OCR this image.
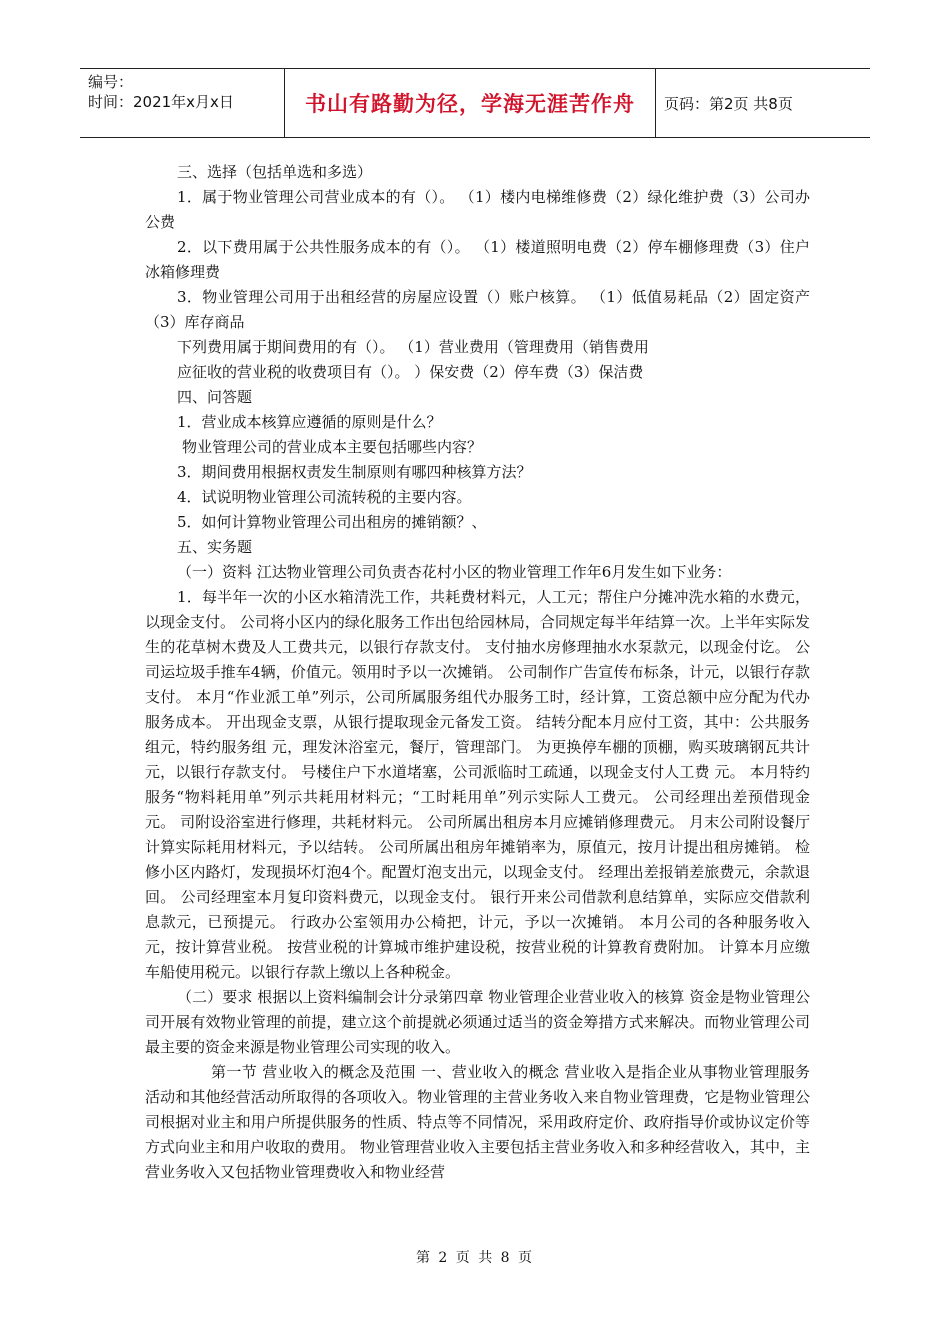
编号：
时间：2021年x月x日	书山有路勤为径，学海无涯苦作舟 页码：第2页 共8页

三、选择（包括单选和多选）

1．属于物业管理公司营业成本的有（）。 （1）楼内电梯维修费（2）绿化维护费（3）公司办公费

2．以下费用属于公共性服务成本的有（）。 （1）楼道照明电费（2）停车棚修理费（3）住户冰箱修理费

3．物业管理公司用于出租经营的房屋应设置（）账户核算。 （1）低值易耗品（2）固定资产（3）库存商品

下列费用属于期间费用的有（）。 （1）营业费用（管理费用（销售费用

应征收的营业税的收费项目有（）。 ）保安费（2）停车费（3）保洁费

四、问答题

1．营业成本核算应遵循的原则是什么？

物业管理公司的营业成本主要包括哪些内容？

3．期间费用根据权责发生制原则有哪四种核算方法？

4．试说明物业管理公司流转税的主要内容。

5．如何计算物业管理公司出租房的摊销额？、

五、实务题

（一）资料 江达物业管理公司负责杏花村小区的物业管理工作年6月发生如下业务：

1．每半年一次的小区水箱清洗工作，共耗费材料元，人工元；帮住户分摊冲洗水箱的水费元，以现金支付。 公司将小区内的绿化服务工作出包给园林局，合同规定每半年结算一次。上半年实际发生的花草树木费及人工费共元，以银行存款支付。 支付抽水房修理抽水水泵款元，以现金付讫。 公司运垃圾手推车4辆，价值元。领用时予以一次摊销。 公司制作广告宣传布标条，计元，以银行存款支付。 本月“作业派工单”列示，公司所属服务组代办服务工时，经计算，工资总额中应分配为代办服务成本。 开出现金支票，从银行提取现金元备发工资。 结转分配本月应付工资，其中：公共服务组元，特约服务组 元，理发沐浴室元，餐厅，管理部门。 为更换停车棚的顶棚，购买玻璃钢瓦共计元，以银行存款支付。 号楼住户下水道堵塞，公司派临时工疏通，以现金支付人工费 元。 本月特约服务“物料耗用单”列示共耗用材料元；“工时耗用单”列示实际人工费元。 公司经理出差预借现金元。 司附设浴室进行修理，共耗材料元。 公司所属出租房本月应摊销修理费元。 月末公司附设餐厅计算实际耗用材料元，予以结转。 公司所属出租房年摊销率为，原值元，按月计提出租房摊销。 检修小区内路灯，发现损坏灯泡4个。配置灯泡支出元，以现金支付。 经理出差报销差旅费元，余款退回。 公司经理室本月复印资料费元，以现金支付。 银行开来公司借款利息结算单，实际应交借款利息款元，已预提元。 行政办公室领用办公椅把，计元，予以一次摊销。 本月公司的各种服务收入元，按计算营业税。 按营业税的计算城市维护建设税，按营业税的计算教育费附加。 计算本月应缴车船使用税元。以银行存款上缴以上各种税金。

（二）要求 根据以上资料编制会计分录第四章 物业管理企业营业收入的核算 资金是物业管理公司开展有效物业管理的前提，建立这个前提就必须通过适当的资金筹措方式来解决。而物业管理公司最主要的资金来源是物业管理公司实现的收入。

第一节 营业收入的概念及范围 一、营业收入的概念 营业收入是指企业从事物业管理服务活动和其他经营活动所取得的各项收入。物业管理的主营业务收入来自物业管理费，它是物业管理公司根据对业主和用户所提供服务的性质、特点等不同情况，采用政府定价、政府指导价或协议定价等方式向业主和用户收取的费用。 物业管理营业收入主要包括主营业务收入和多种经营收入，其中，主营业务收入又包括物业管理费收入和物业经营

第 2 页 共 8 页
